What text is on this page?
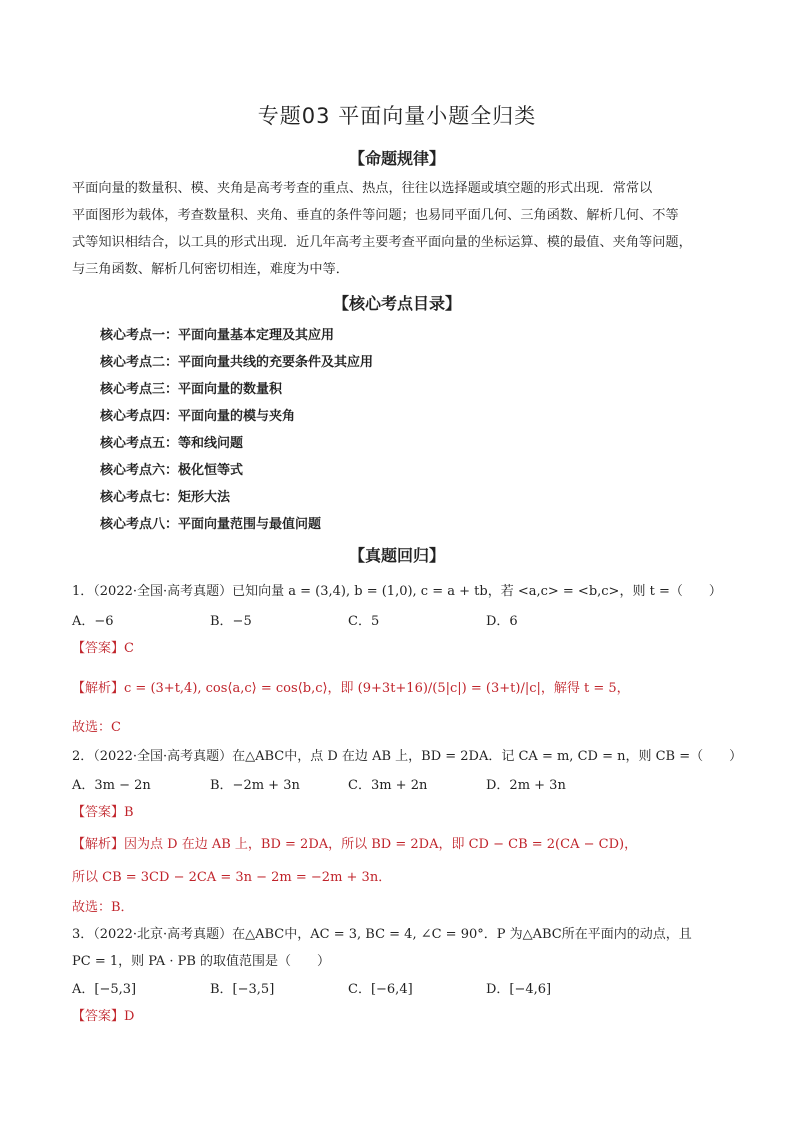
专题03 平面向量小题全归类
【命题规律】
平面向量的数量积、模、夹角是高考考查的重点、热点，往往以选择题或填空题的形式出现．常常以
平面图形为载体，考查数量积、夹角、垂直的条件等问题；也易同平面几何、三角函数、解析几何、不等
式等知识相结合，以工具的形式出现．近几年高考主要考查平面向量的坐标运算、模的最值、夹角等问题，
与三角函数、解析几何密切相连，难度为中等．
【核心考点目录】
核心考点一：平面向量基本定理及其应用
核心考点二：平面向量共线的充要条件及其应用
核心考点三：平面向量的数量积
核心考点四：平面向量的模与夹角
核心考点五：等和线问题
核心考点六：极化恒等式
核心考点七：矩形大法
核心考点八：平面向量范围与最值问题
【真题回归】
1．（2022·全国·高考真题）已知向量 a = (3,4), b = (1,0), c = a + tb，若 <a,c> = <b,c>，则 t =（　　）
A．−6	B．−5	C．5	D．6
【答案】C
【解析】c = (3+t,4), cos⟨a,c⟩ = cos⟨b,c⟩，即 (9+3t+16)/(5|c|) = (3+t)/|c|，解得 t = 5，
故选：C
2．（2022·全国·高考真题）在△ABC中，点 D 在边 AB 上，BD = 2DA．记 CA = m, CD = n，则 CB =（　　）
A．3m − 2n	B．−2m + 3n	C．3m + 2n	D．2m + 3n
【答案】B
【解析】因为点 D 在边 AB 上，BD = 2DA，所以 BD = 2DA，即 CD − CB = 2(CA − CD)，
所以 CB = 3CD − 2CA = 3n − 2m = −2m + 3n．
故选：B．
3．（2022·北京·高考真题）在△ABC中，AC = 3, BC = 4, ∠C = 90°．P 为△ABC所在平面内的动点，且
PC = 1，则 PA · PB 的取值范围是（　　）
A．[−5,3]	B．[−3,5]	C．[−6,4]	D．[−4,6]
【答案】D
